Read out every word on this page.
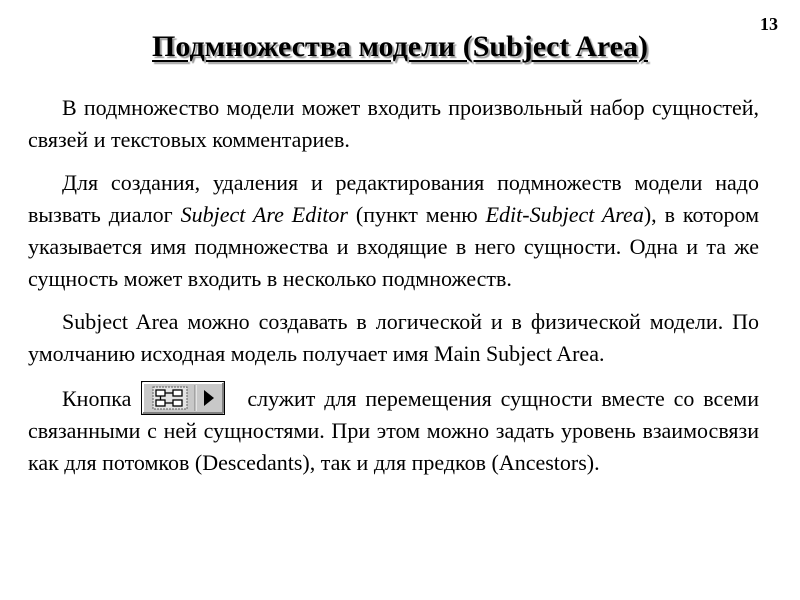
13
Подмножества модели (Subject Area)

В подмножество модели может входить произвольный набор сущностей, связей и текстовых комментариев.

Для создания, удаления и редактирования подмножеств модели надо вызвать диалог Subject Are Editor (пункт меню Edit-Subject Area), в котором указывается имя подмножества и входящие в него сущности. Одна и та же сущность может входить в несколько подмножеств.

Subject Area можно создавать в логической и в физической модели. По умолчанию исходная модель получает имя Main Subject Area.

Кнопка	служит для перемещения сущности вместе со всеми связанными с ней сущностями. При этом можно задать уровень взаимосвязи как для потомков (Descedants), так и для предков (Ancestors).
